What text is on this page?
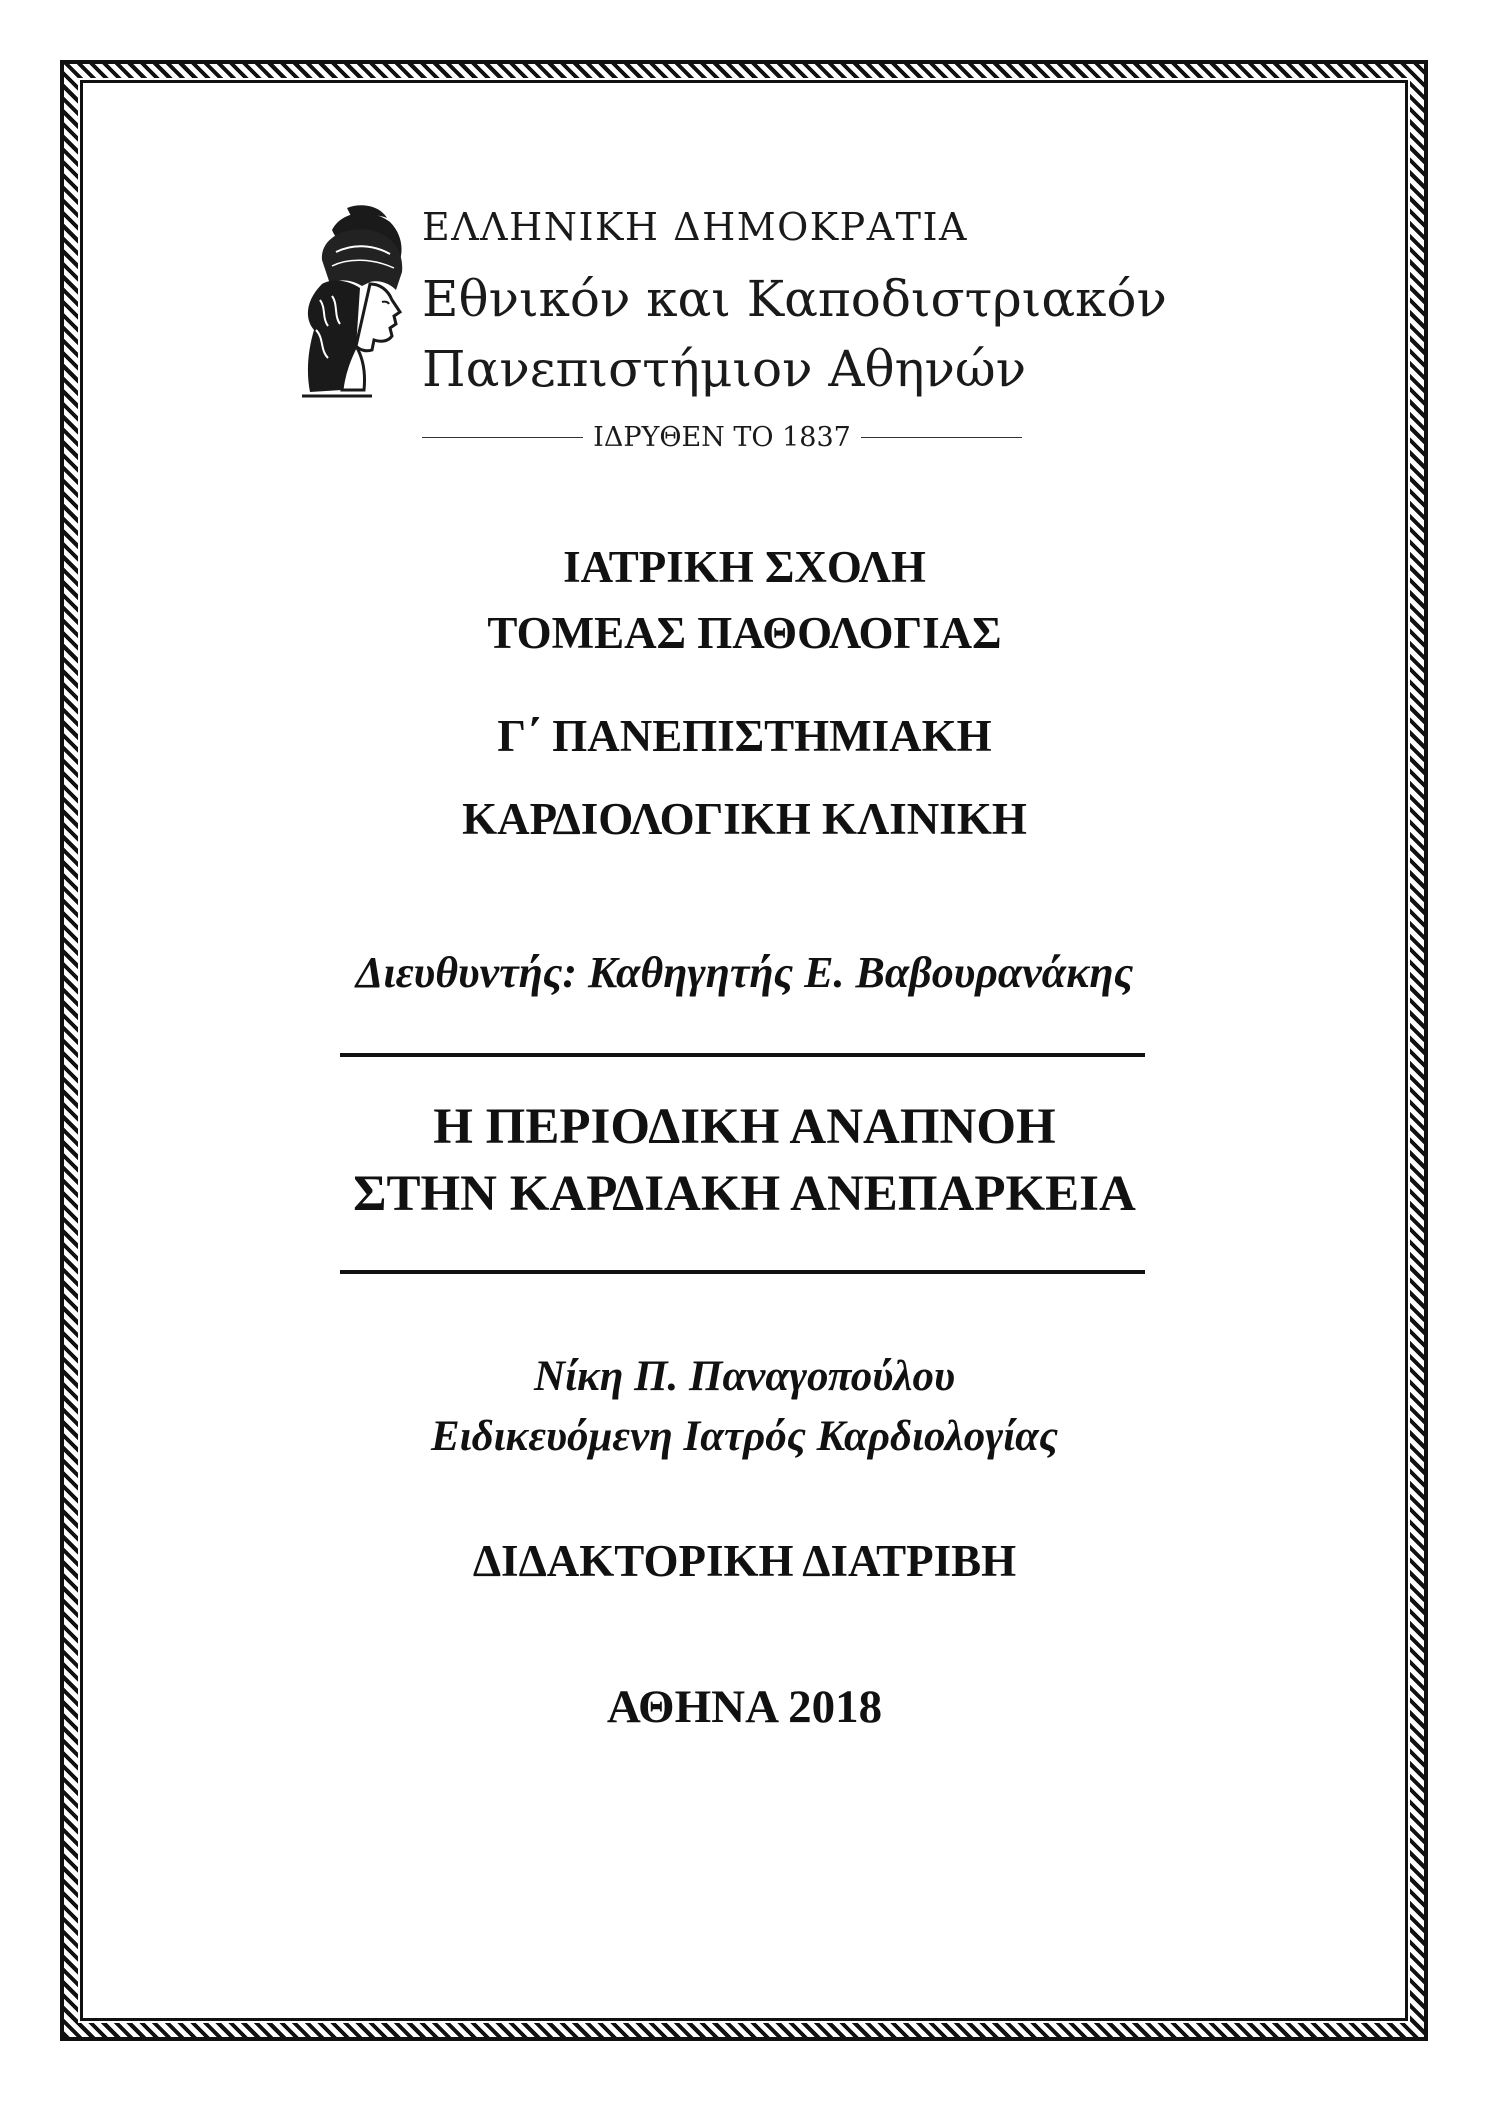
ΕΛΛΗΝΙΚΗ ΔΗΜΟΚΡΑΤΙΑ
Εθνικόν και Καποδιστριακόν
Πανεπιστήμιον Αθηνών
ΙΔΡΥΘΕΝ ΤΟ 1837
ΙΑΤΡΙΚΗ ΣΧΟΛΗ
ΤΟΜΕΑΣ ΠΑΘΟΛΟΓΙΑΣ
Γ΄ ΠΑΝΕΠΙΣΤΗΜΙΑΚΗ
ΚΑΡΔΙΟΛΟΓΙΚΗ ΚΛΙΝΙΚΗ
Διευθυντής: Καθηγητής Ε. Βαβουρανάκης
Η ΠΕΡΙΟΔΙΚΗ ΑΝΑΠΝΟΗ
ΣΤΗΝ ΚΑΡΔΙΑΚΗ ΑΝΕΠΑΡΚΕΙΑ
Νίκη Π. Παναγοπούλου
Ειδικευόμενη Ιατρός Καρδιολογίας
ΔΙΔΑΚΤΟΡΙΚΗ ΔΙΑΤΡΙΒΗ
ΑΘΗΝΑ 2018
